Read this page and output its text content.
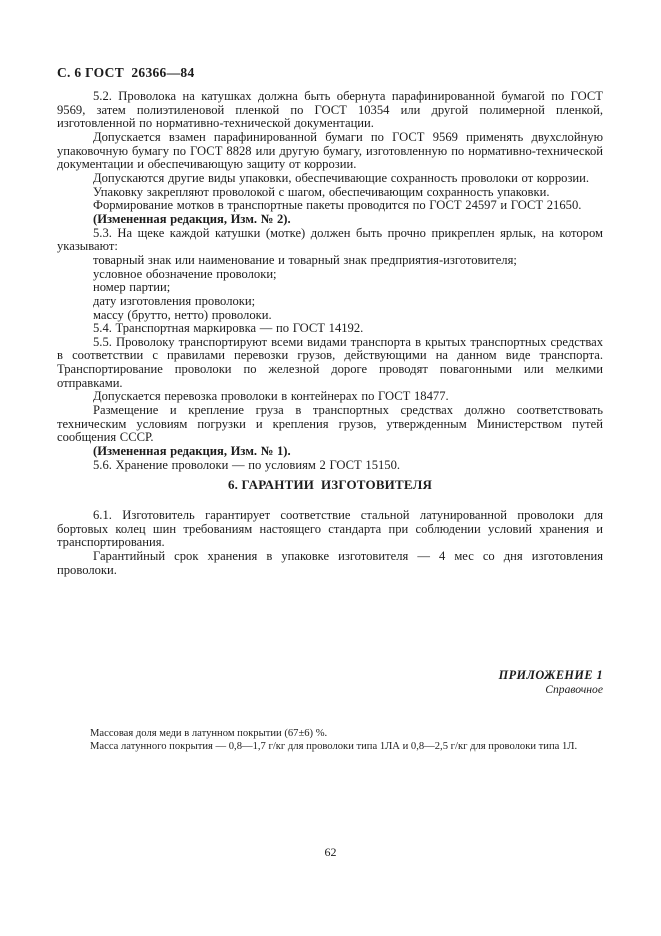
С. 6 ГОСТ  26366—84

5.2. Проволока на катушках должна быть обернута парафинированной бумагой по ГОСТ 9569, затем полиэтиленовой пленкой по ГОСТ 10354 или другой полимерной пленкой, изготовленной по нормативно-технической документации.

Допускается взамен парафинированной бумаги по ГОСТ 9569 применять двухслойную упаковочную бумагу по ГОСТ 8828 или другую бумагу, изготовленную по нормативно-технической документации и обеспечивающую защиту от коррозии.

Допускаются другие виды упаковки, обеспечивающие сохранность проволоки от коррозии.

Упаковку закрепляют проволокой с шагом, обеспечивающим сохранность упаковки.

Формирование мотков в транспортные пакеты проводится по ГОСТ 24597 и ГОСТ 21650.

(Измененная редакция, Изм. № 2).

5.3. На щеке каждой катушки (мотке) должен быть прочно прикреплен ярлык, на котором указывают:

товарный знак или наименование и товарный знак предприятия-изготовителя;

условное обозначение проволоки;

номер партии;

дату изготовления проволоки;

массу (брутто, нетто) проволоки.

5.4. Транспортная маркировка — по ГОСТ 14192.

5.5. Проволоку транспортируют всеми видами транспорта в крытых транспортных средствах в соответствии с правилами перевозки грузов, действующими на данном виде транспорта. Транспортирование проволоки по железной дороге проводят повагонными или мелкими отправками.

Допускается перевозка проволоки в контейнерах по ГОСТ 18477.

Размещение и крепление груза в транспортных средствах должно соответствовать техническим условиям погрузки и крепления грузов, утвержденным Министерством путей сообщения СССР.

(Измененная редакция, Изм. № 1).

5.6. Хранение проволоки — по условиям 2 ГОСТ 15150.

6. ГАРАНТИИ  ИЗГОТОВИТЕЛЯ

6.1. Изготовитель гарантирует соответствие стальной латунированной проволоки для бортовых колец шин требованиям настоящего стандарта при соблюдении условий хранения и транспортирования.

Гарантийный срок хранения в упаковке изготовителя — 4 мес со дня изготовления проволоки.

ПРИЛОЖЕНИЕ 1
Справочное

Массовая доля меди в латунном покрытии (67±6) %.

Масса латунного покрытия — 0,8—1,7 г/кг для проволоки типа 1ЛА и 0,8—2,5 г/кг для проволоки типа 1Л.

62
